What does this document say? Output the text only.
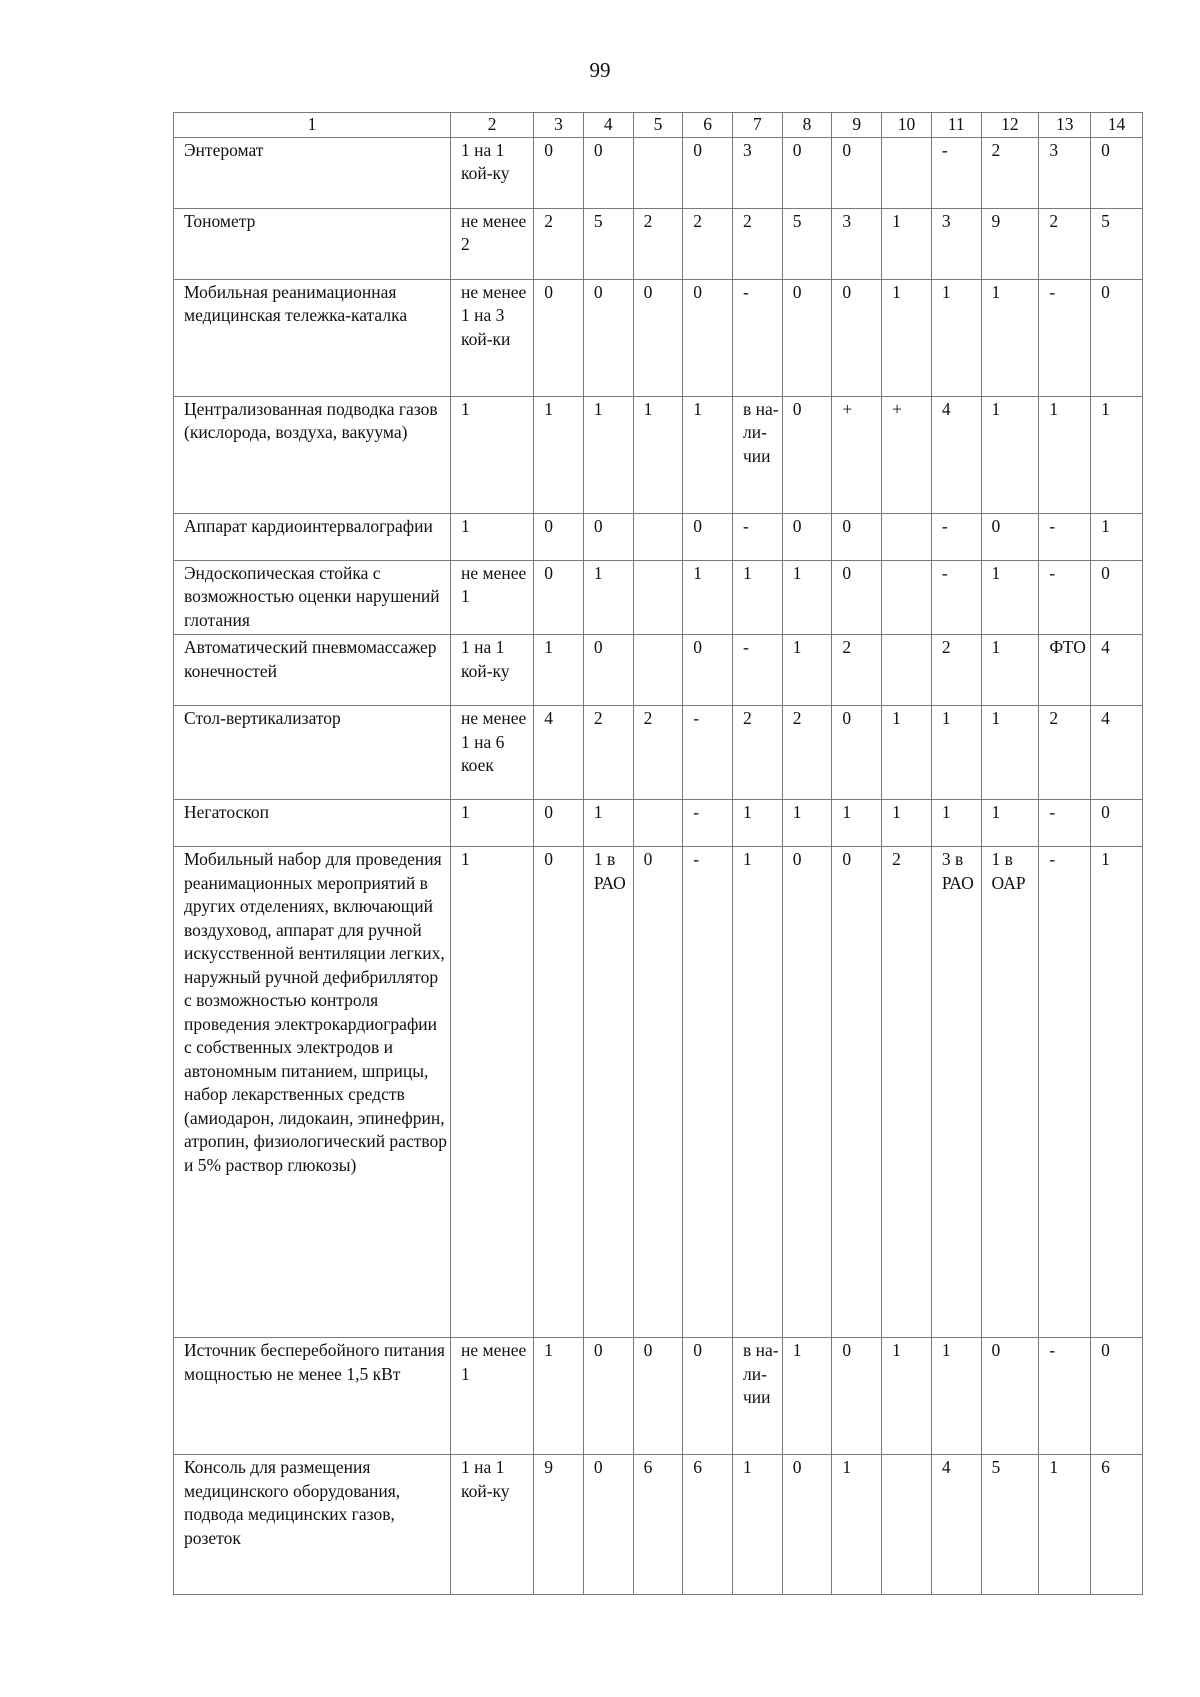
99
1	2	3	4	5	6	7	8	9	10	11	12	13	14
Энтеромат	1 на 1 кой-ку	0	0		0	3	0	0		-	2	3	0
Тонометр	не менее 2	2	5	2	2	2	5	3	1	3	9	2	5
Мобильная реанимационная медицинская тележка-каталка	не менее 1 на 3 кой-ки	0	0	0	0	-	0	0	1	1	1	-	0
Централизованная подводка газов (кислорода, воздуха, вакуума)	1	1	1	1	1	в на-ли-чии	0	+	+	4	1	1	1
Аппарат кардиоинтервалографии	1	0	0		0	-	0	0		-	0	-	1
Эндоскопическая стойка с возможностью оценки нарушений глотания	не менее 1	0	1		1	1	1	0		-	1	-	0
Автоматический пневмомассажер конечностей	1 на 1 кой-ку	1	0		0	-	1	2		2	1	ФТО	4
Стол-вертикализатор	не менее 1 на 6 коек	4	2	2	-	2	2	0	1	1	1	2	4
Негатоскоп	1	0	1		-	1	1	1	1	1	1	-	0
Мобильный набор для проведения реанимационных мероприятий в других отделениях, включающий воздуховод, аппарат для ручной искусственной вентиляции легких, наружный ручной дефибриллятор с возможностью контроля проведения электрокардиографии с собственных электродов и автономным питанием, шприцы, набор лекарственных средств (амиодарон, лидокаин, эпинефрин, атропин, физиологический раствор и 5% раствор глюкозы)	1	0	1 в РАО	0	-	1	0	0	2	3 в РАО	1 в ОАР	-	1
Источник бесперебойного питания мощностью не менее 1,5 кВт	не менее 1	1	0	0	0	в на-ли-чии	1	0	1	1	0	-	0
Консоль для размещения медицинского оборудования, подвода медицинских газов, розеток	1 на 1 кой-ку	9	0	6	6	1	0	1		4	5	1	6
